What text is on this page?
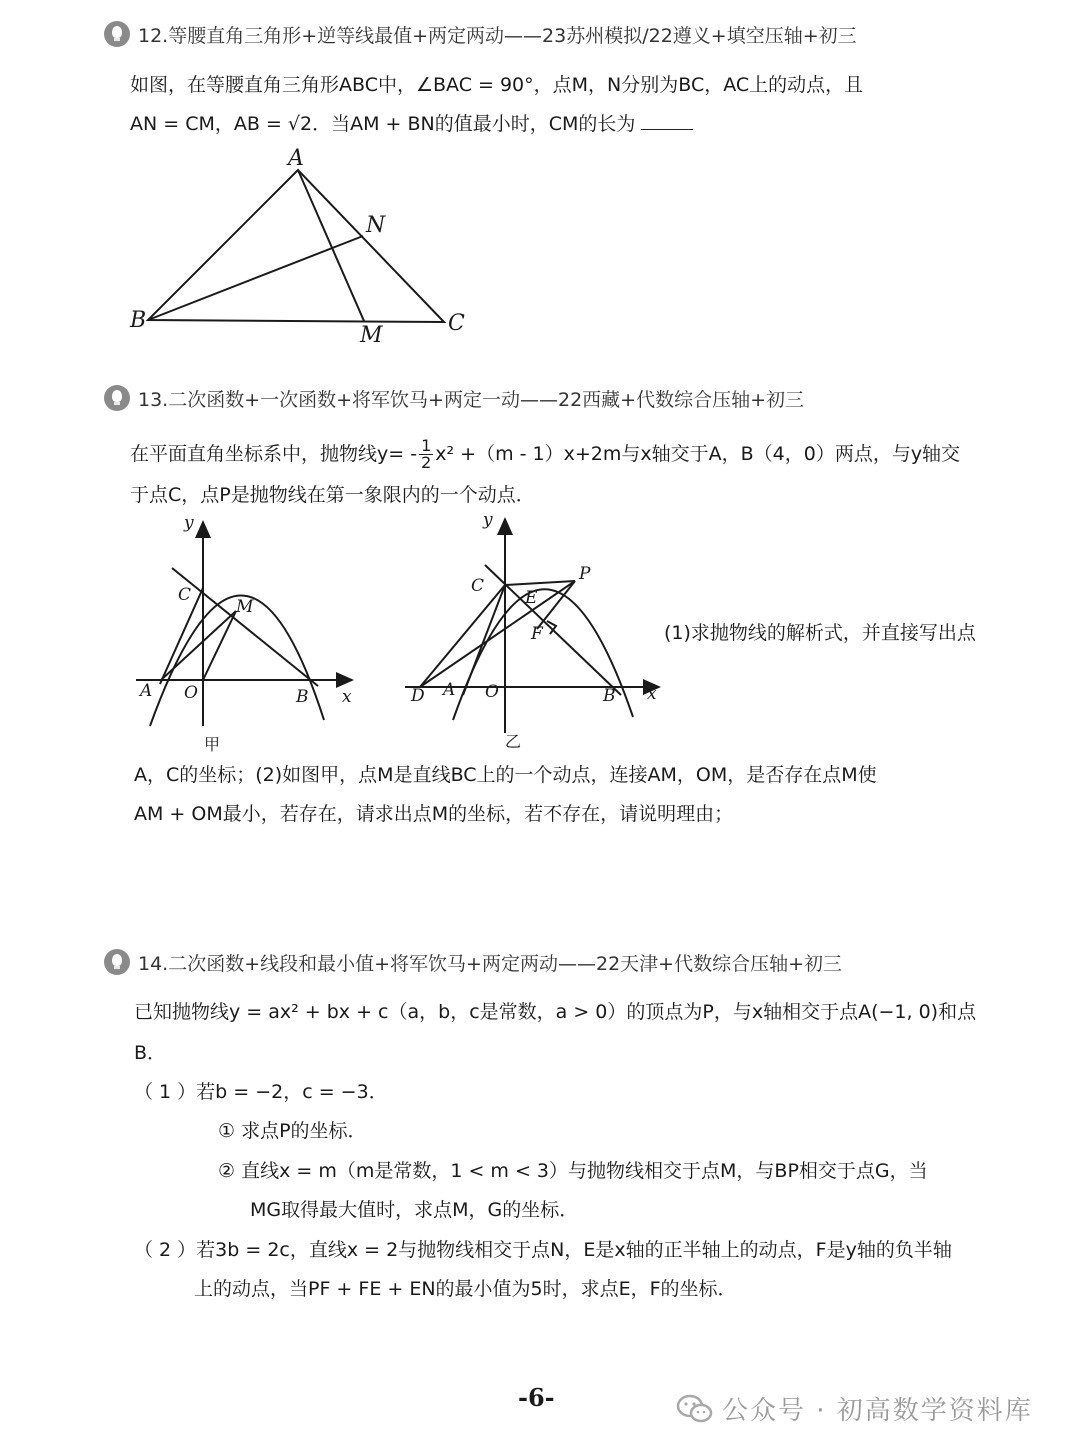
12.等腰直角三角形+逆等线最值+两定两动——23苏州模拟/22遵义+填空压轴+初三
如图，在等腰直角三角形ABC中，∠BAC = 90°，点M，N分别为BC，AC上的动点，且
AN = CM，AB = √2．当AM + BN的值最小时，CM的长为
A
N
B
M	C
13.二次函数+一次函数+将军饮马+两定一动——22西藏+代数综合压轴+初三
在平面直角坐标系中，抛物线$y= - \frac{1}{2} x^2 +(m - 1)x+2m$与x轴交于A，B（4，0）两点，与y轴交
于点C，点P是抛物线在第一象限内的一个动点．
y
C
M
A O	B x
甲
y
C
P
E
F
D A O	B x
乙
(1)求抛物线的解析式，并直接写出点
A，C的坐标；(2)如图甲，点M是直线BC上的一个动点，连接AM，OM，是否存在点M使
AM + OM最小，若存在，请求出点M的坐标，若不存在，请说明理由；
14.二次函数+线段和最小值+将军饮马+两定两动——22天津+代数综合压轴+初三
已知抛物线y = ax² + bx + c（a，b，c是常数，a > 0）的顶点为P，与x轴相交于点A(−1, 0)和点
B．
（ 1 ）若b = −2，c = −3．
① 求点P的坐标．
② 直线x = m（m是常数，1 < m < 3）与抛物线相交于点M，与BP相交于点G，当
MG取得最大值时，求点M，G的坐标．
（ 2 ）若3b = 2c，直线x = 2与抛物线相交于点N，E是x轴的正半轴上的动点，F是y轴的负半轴
上的动点，当PF + FE + EN的最小值为5时，求点E，F的坐标．
-6-	公众号 · 初高数学资料库
